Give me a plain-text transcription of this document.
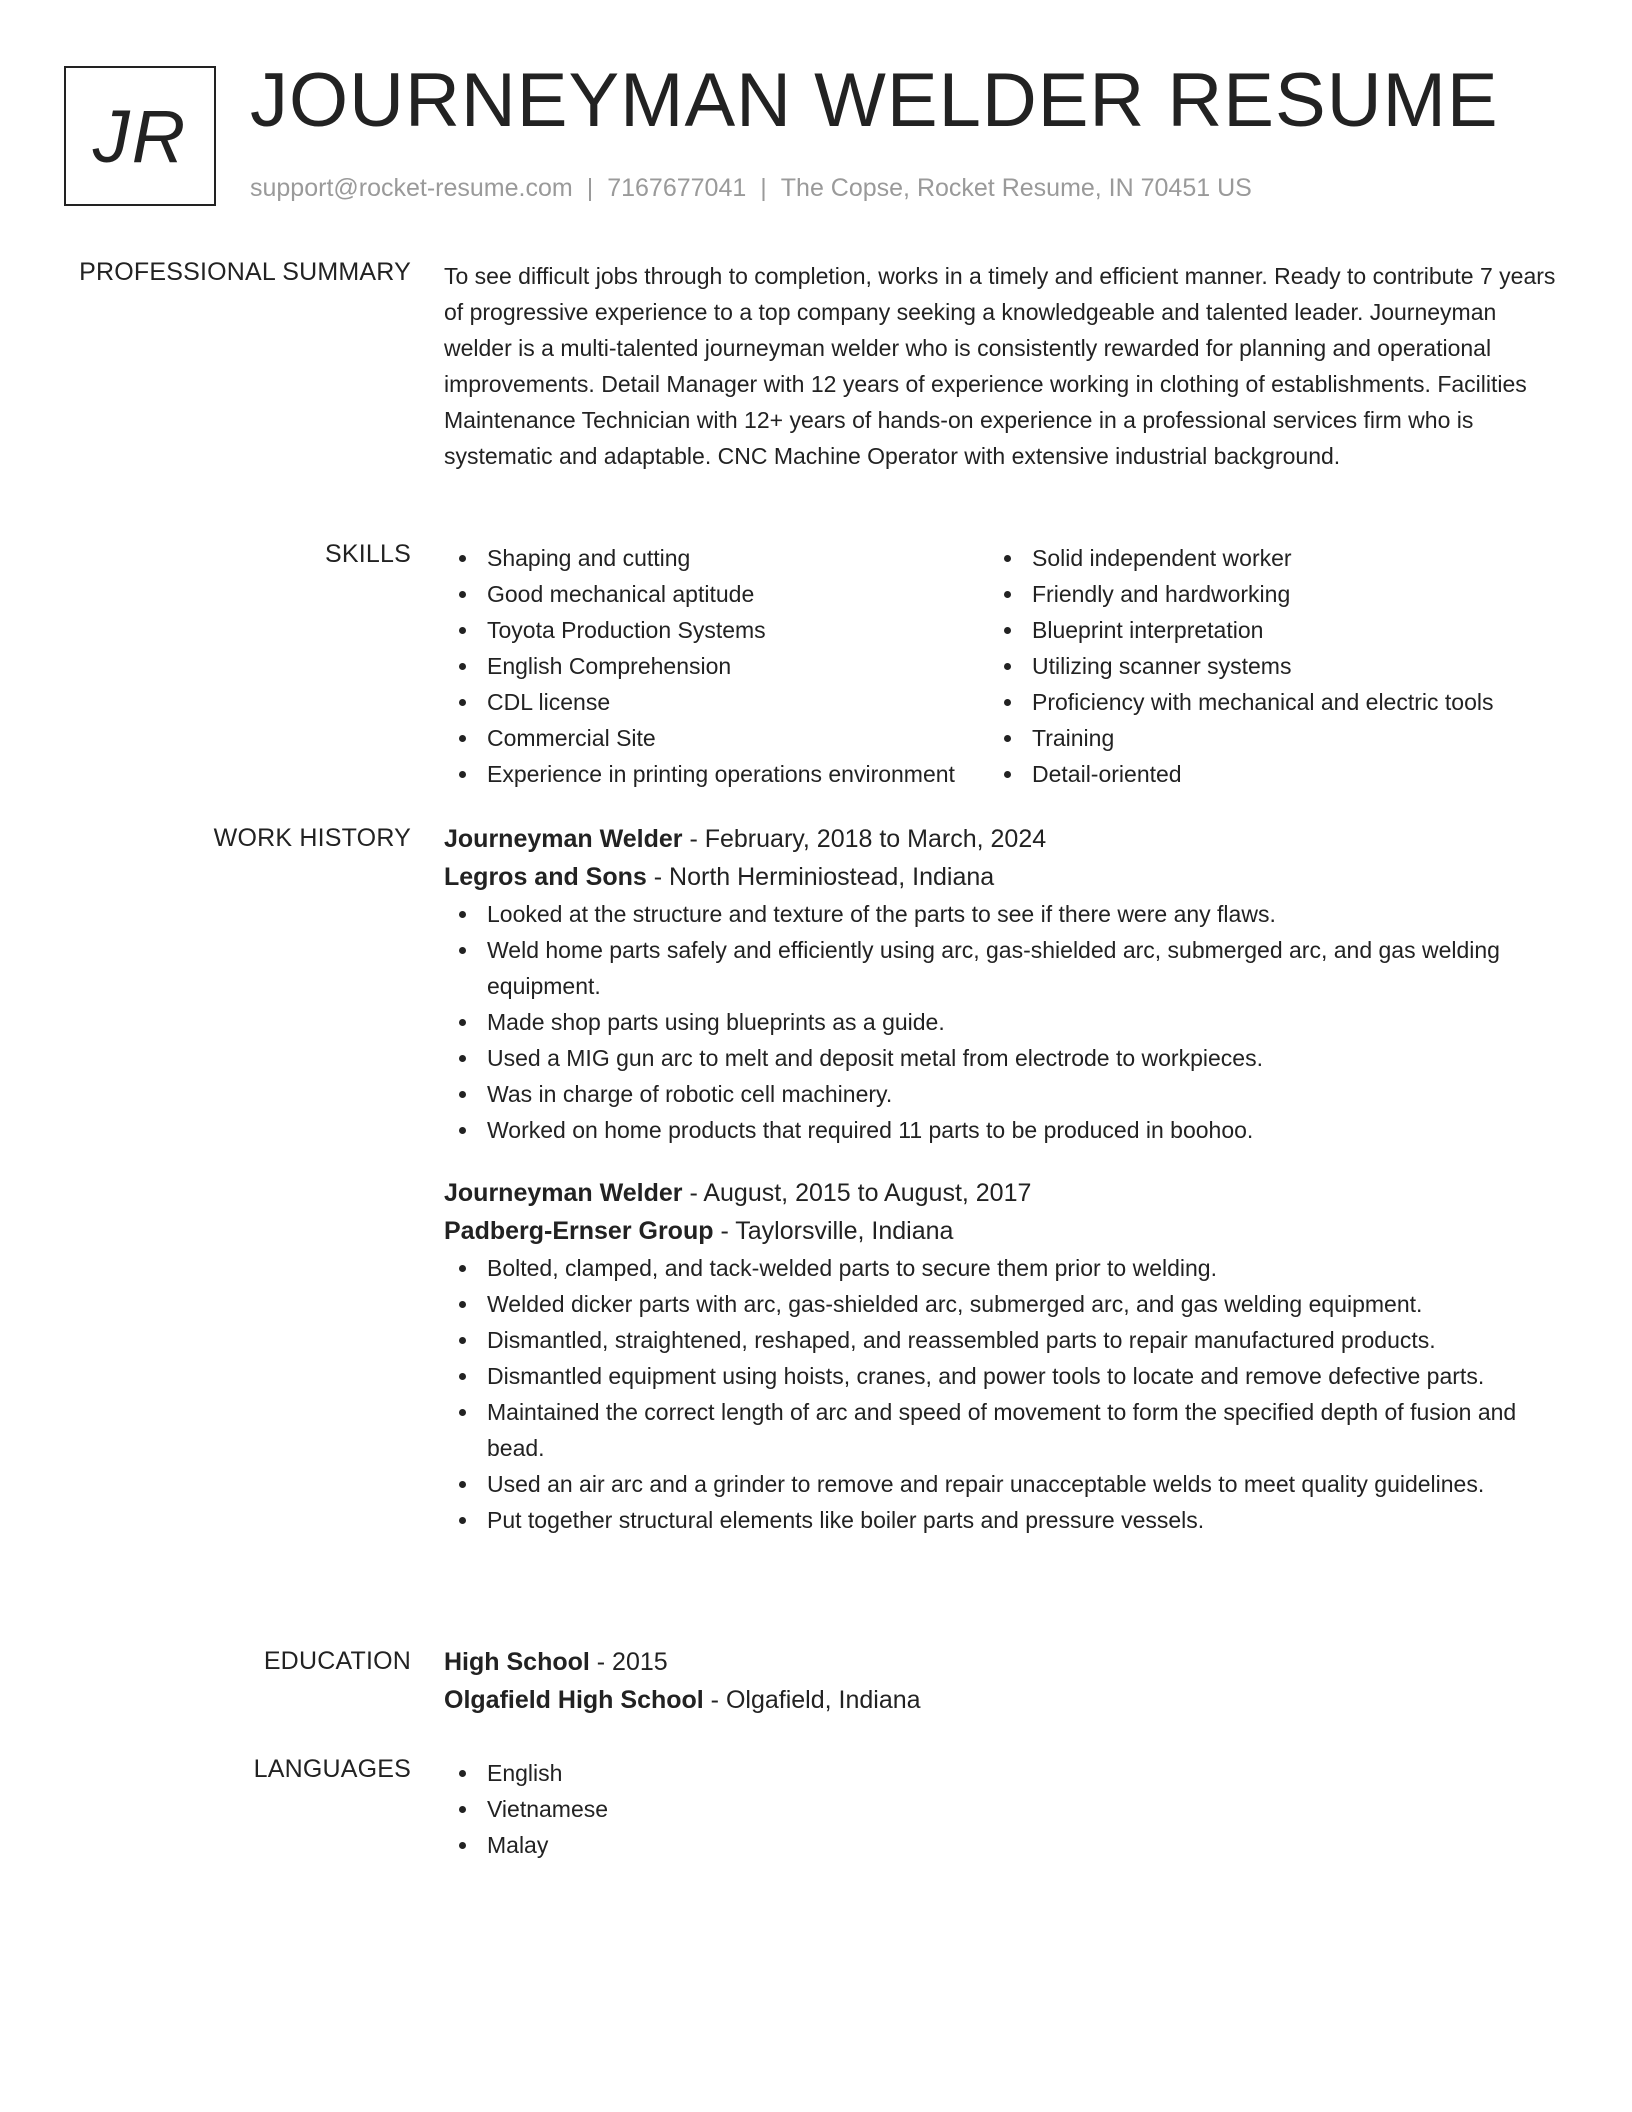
JR JOURNEYMAN WELDER RESUME
support@rocket-resume.com | 7167677041 | The Copse, Rocket Resume, IN 70451 US
PROFESSIONAL SUMMARY To see difficult jobs through to completion, works in a timely and efficient manner. Ready to contribute 7 years of progressive experience to a top company seeking a knowledgeable and talented leader. Journeyman welder is a multi-talented journeyman welder who is consistently rewarded for planning and operational improvements. Detail Manager with 12 years of experience working in clothing of establishments. Facilities Maintenance Technician with 12+ years of hands-on experience in a professional services firm who is systematic and adaptable. CNC Machine Operator with extensive industrial background.

SKILLS	Shaping and cutting
Good mechanical aptitude
Toyota Production Systems
English Comprehension
CDL license
Commercial Site
Experience in printing operations environment
Solid independent worker
Friendly and hardworking
Blueprint interpretation
Utilizing scanner systems
Proficiency with mechanical and electric tools
Training
Detail-oriented
WORK HISTORY Journeyman Welder - February, 2018 to March, 2024
Legros and Sons - North Herminiostead, Indiana
Looked at the structure and texture of the parts to see if there were any flaws.
Weld home parts safely and efficiently using arc, gas-shielded arc, submerged arc, and gas welding equipment.
Made shop parts using blueprints as a guide.
Used a MIG gun arc to melt and deposit metal from electrode to workpieces.
Was in charge of robotic cell machinery.
Worked on home products that required 11 parts to be produced in boohoo.
Journeyman Welder - August, 2015 to August, 2017
Padberg-Ernser Group - Taylorsville, Indiana
Bolted, clamped, and tack-welded parts to secure them prior to welding.
Welded dicker parts with arc, gas-shielded arc, submerged arc, and gas welding equipment.
Dismantled, straightened, reshaped, and reassembled parts to repair manufactured products.
Dismantled equipment using hoists, cranes, and power tools to locate and remove defective parts.
Maintained the correct length of arc and speed of movement to form the specified depth of fusion and bead.
Used an air arc and a grinder to remove and repair unacceptable welds to meet quality guidelines.
Put together structural elements like boiler parts and pressure vessels.
EDUCATION High School - 2015
Olgafield High School - Olgafield, Indiana
LANGUAGES	English
Vietnamese
Malay
